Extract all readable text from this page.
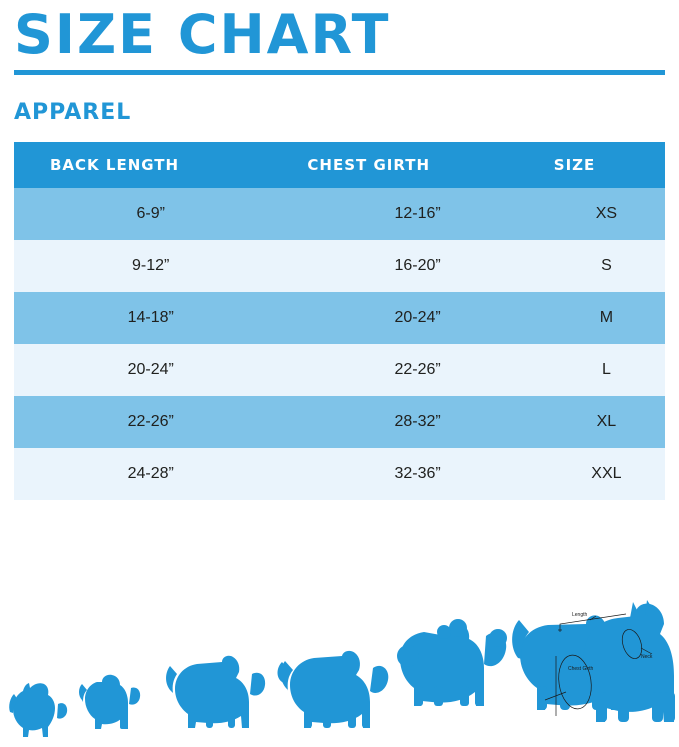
SIZE CHART
APPAREL
BACK LENGTH	CHEST GIRTH	SIZE
6-9”	12-16”	XS
9-12”	16-20”	S
14-18”	20-24”	M
20-24”	22-26”	L
22-26”	28-32”	XL
24-28”	32-36”	XXL
Length
Chest Girth
Neck
